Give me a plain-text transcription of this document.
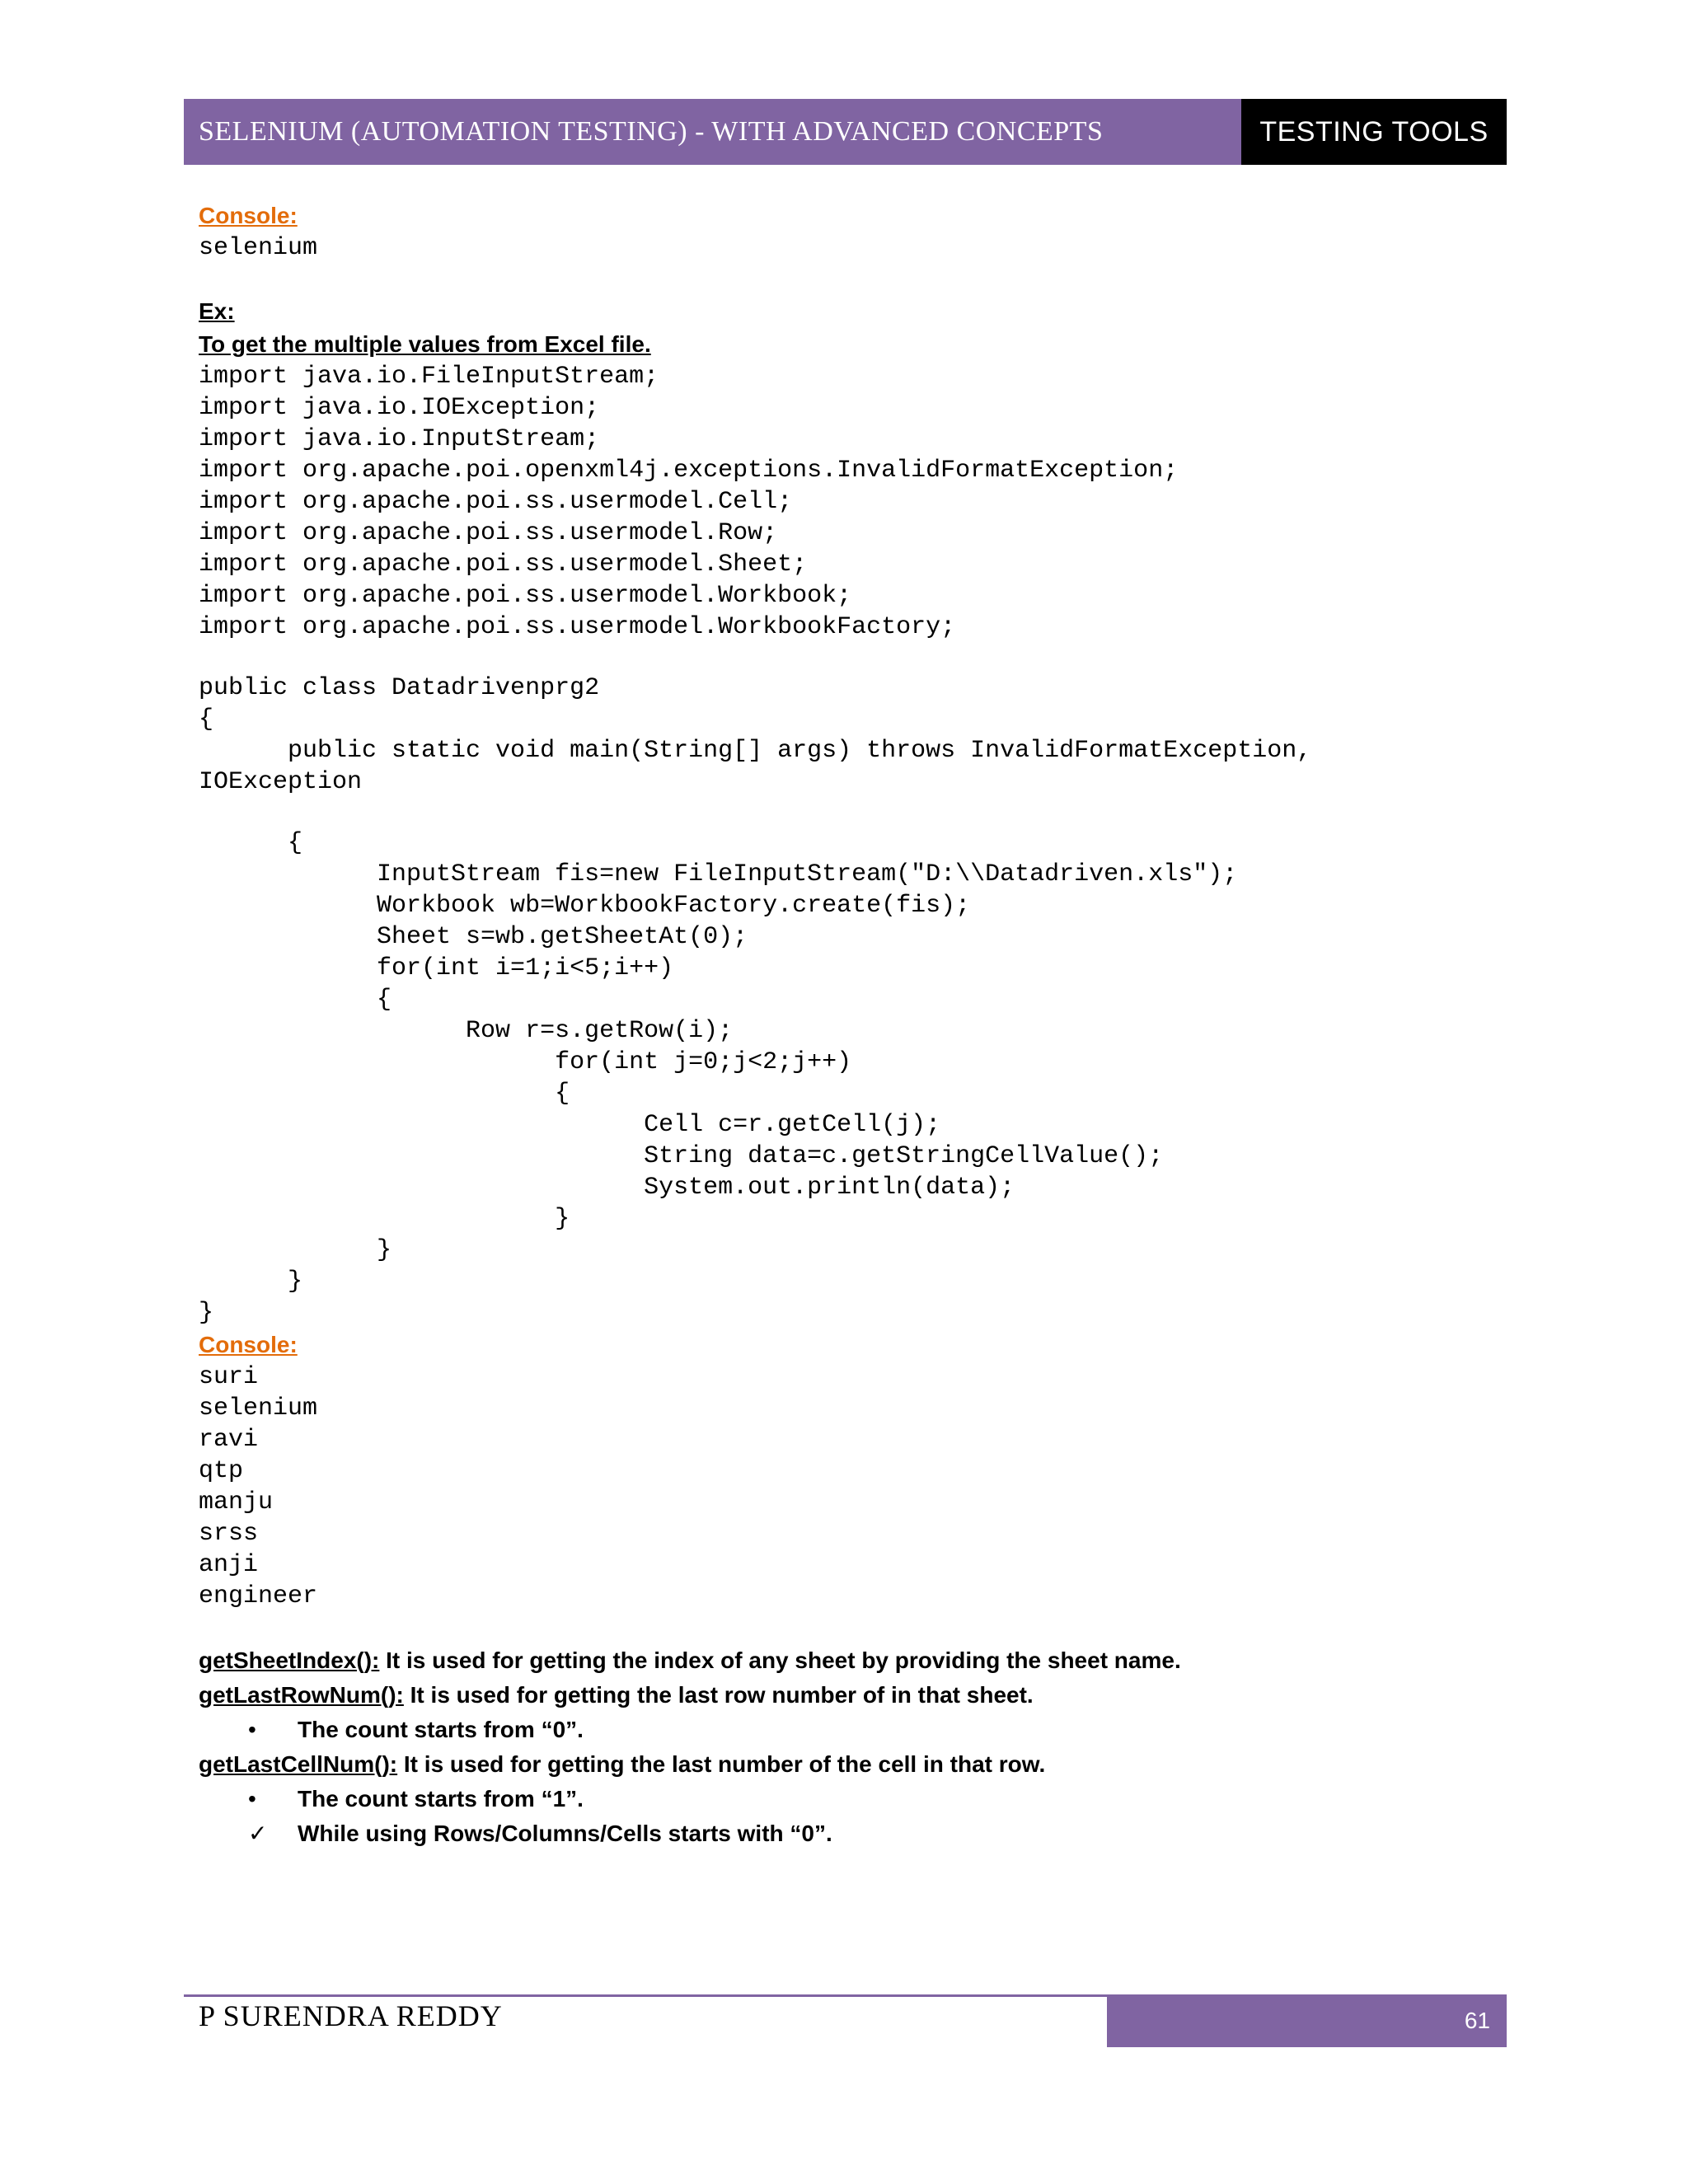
SELENIUM (AUTOMATION TESTING) - WITH ADVANCED CONCEPTS	TESTING TOOLS
Console:
selenium
Ex:
To get the multiple values from Excel file.
import java.io.FileInputStream;
import java.io.IOException;
import java.io.InputStream;
import org.apache.poi.openxml4j.exceptions.InvalidFormatException;
import org.apache.poi.ss.usermodel.Cell;
import org.apache.poi.ss.usermodel.Row;
import org.apache.poi.ss.usermodel.Sheet;
import org.apache.poi.ss.usermodel.Workbook;
import org.apache.poi.ss.usermodel.WorkbookFactory;
public class Datadrivenprg2
{
public static void main(String[] args) throws InvalidFormatException,
IOException
{
InputStream fis=new FileInputStream("D:\\Datadriven.xls");
Workbook wb=WorkbookFactory.create(fis);
Sheet s=wb.getSheetAt(0);
for(int i=1;i<5;i++)
{
Row r=s.getRow(i);
for(int j=0;j<2;j++)
{
Cell c=r.getCell(j);
String data=c.getStringCellValue();
System.out.println(data);
}
}
}
}
Console:
suri
selenium
ravi
qtp
manju
srss
anji
engineer
getSheetIndex(): It is used for getting the index of any sheet by providing the sheet name.
getLastRowNum(): It is used for getting the last row number of in that sheet.
•	The count starts from “0”.
getLastCellNum(): It is used for getting the last number of the cell in that row.
•	The count starts from “1”.
✓	While using Rows/Columns/Cells starts with “0”.
P SURENDRA REDDY	61
